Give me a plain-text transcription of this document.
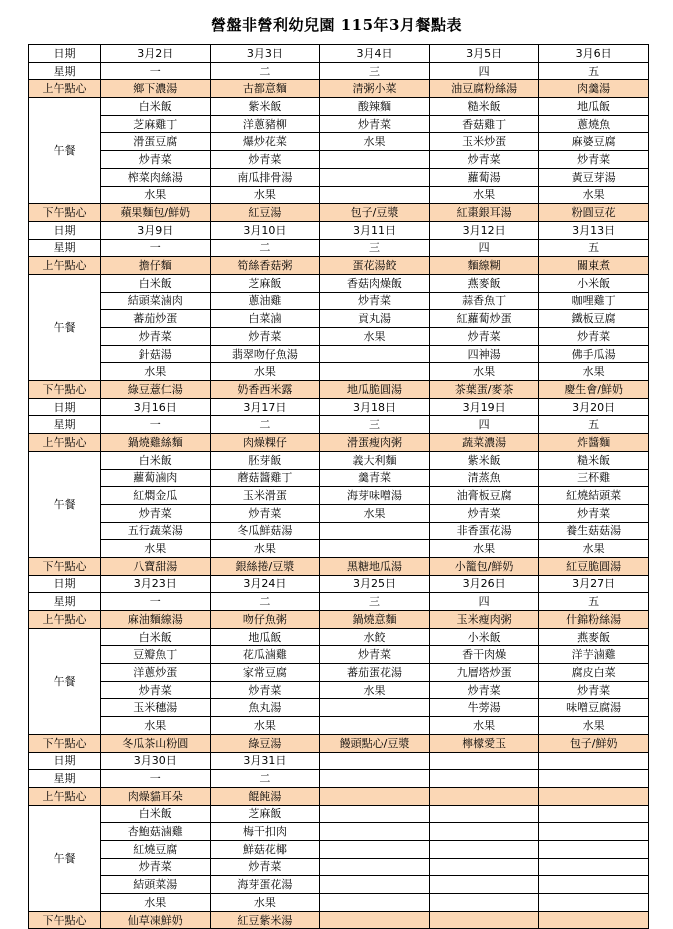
營盤非營利幼兒園 115年3月餐點表
日期	3月2日	3月3日	3月4日	3月5日	3月6日
星期	一	二	三	四	五
上午點心	鄉下濃湯	古都意麵	清粥小菜	油豆腐粉絲湯	肉羹湯
午餐	白米飯	紫米飯	酸辣麵	糙米飯	地瓜飯
	芝麻雞丁	洋蔥豬柳	炒青菜	香菇雞丁	蔥燒魚
	滑蛋豆腐	爆炒花菜	水果	玉米炒蛋	麻婆豆腐
	炒青菜	炒青菜		炒青菜	炒青菜
	榨菜肉絲湯	南瓜排骨湯		蘿蔔湯	黃豆芽湯
	水果	水果		水果	水果
下午點心	蘋果麵包/鮮奶	紅豆湯	包子/豆漿	紅棗銀耳湯	粉圓豆花
日期	3月9日	3月10日	3月11日	3月12日	3月13日
星期	一	二	三	四	五
上午點心	擔仔麵	筍絲香菇粥	蛋花湯餃	麵線糊	關東煮
午餐	白米飯	芝麻飯	香菇肉燥飯	燕麥飯	小米飯
	結頭菜滷肉	蔥油雞	炒青菜	蒜香魚丁	咖哩雞丁
	蕃茄炒蛋	白菜滷	貢丸湯	紅蘿蔔炒蛋	鐵板豆腐
	炒青菜	炒青菜	水果	炒青菜	炒青菜
	針菇湯	翡翠吻仔魚湯		四神湯	佛手瓜湯
	水果	水果		水果	水果
下午點心	綠豆薏仁湯	奶香西米露	地瓜脆圓湯	茶葉蛋/麥茶	慶生會/鮮奶
日期	3月16日	3月17日	3月18日	3月19日	3月20日
星期	一	二	三	四	五
上午點心	鍋燒雞絲麵	肉燥粿仔	滑蛋瘦肉粥	蔬菜濃湯	炸醬麵
午餐	白米飯	胚芽飯	義大利麵	紫米飯	糙米飯
	蘿蔔滷肉	蘑菇醬雞丁	羹青菜	清蒸魚	三杯雞
	紅燜金瓜	玉米滑蛋	海芽味噌湯	油膏板豆腐	紅燒結頭菜
	炒青菜	炒青菜	水果	炒青菜	炒青菜
	五行蔬菜湯	冬瓜鮮菇湯		非香蛋花湯	養生菇菇湯
	水果	水果		水果	水果
下午點心	八寶甜湯	銀絲捲/豆漿	黑糖地瓜湯	小籠包/鮮奶	紅豆脆圓湯
日期	3月23日	3月24日	3月25日	3月26日	3月27日
星期	一	二	三	四	五
上午點心	麻油麵線湯	吻仔魚粥	鍋燒意麵	玉米瘦肉粥	什錦粉絲湯
午餐	白米飯	地瓜飯	水餃	小米飯	燕麥飯
	豆瓣魚丁	花瓜滷雞	炒青菜	香干肉燥	洋芋滷雞
	洋蔥炒蛋	家常豆腐	蕃茄蛋花湯	九層塔炒蛋	腐皮白菜
	炒青菜	炒青菜	水果	炒青菜	炒青菜
	玉米穗湯	魚丸湯		牛蒡湯	味噌豆腐湯
	水果	水果		水果	水果
下午點心	冬瓜茶山粉圓	綠豆湯	饅頭點心/豆漿	檸檬愛玉	包子/鮮奶
日期	3月30日	3月31日			
星期	一	二			
上午點心	肉燥貓耳朵	餛飩湯			
午餐	白米飯	芝麻飯			
	杏鮑菇滷雞	梅干扣肉			
	紅燒豆腐	鮮菇花椰			
	炒青菜	炒青菜			
	結頭菜湯	海芽蛋花湯			
	水果	水果			
下午點心	仙草凍鮮奶	紅豆紫米湯			
